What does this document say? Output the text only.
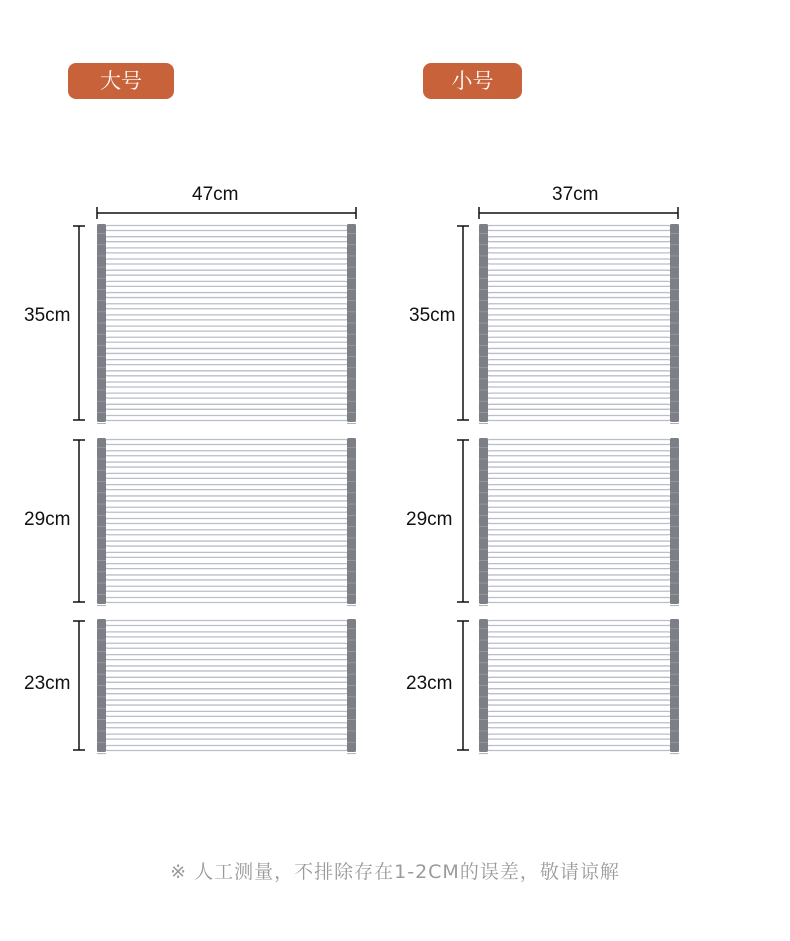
大号	小号
47cm	37cm
35cm
29cm
23cm
35cm
29cm
23cm
※ 人工测量，不排除存在1-2CM的误差，敬请谅解
